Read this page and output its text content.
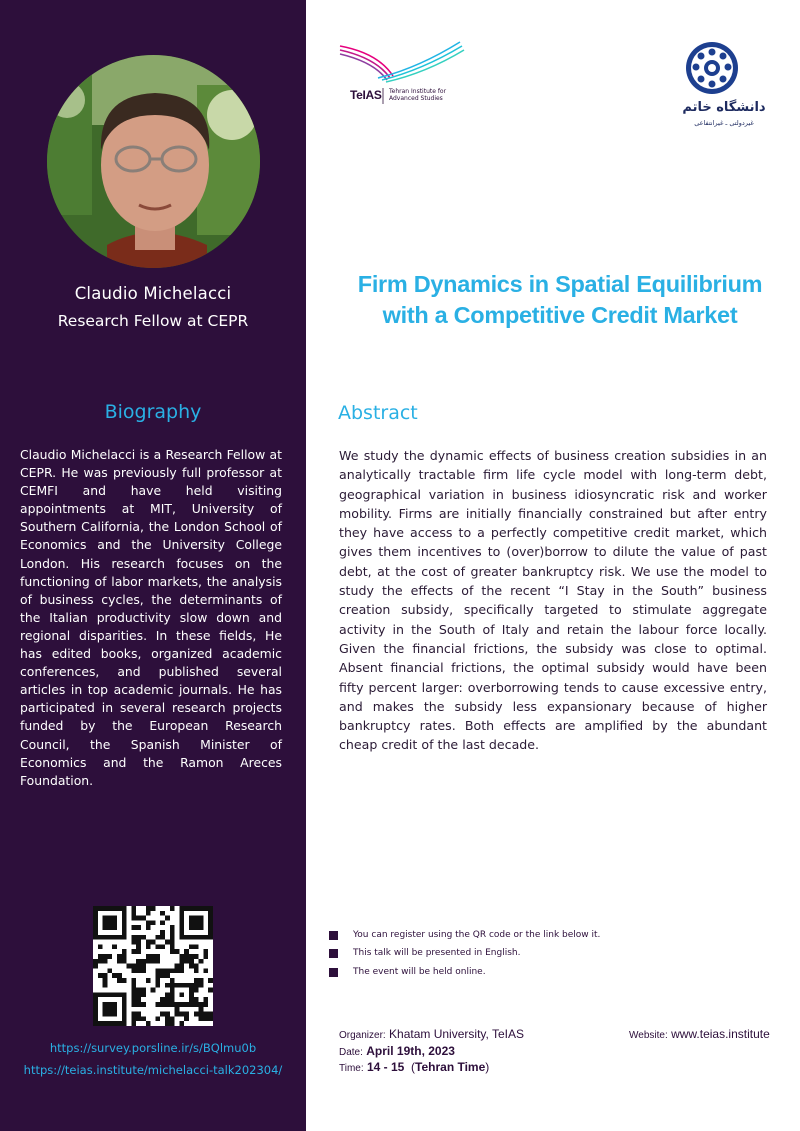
Claudio Michelacci
Research Fellow at CEPR
Biography
Claudio Michelacci is a Research Fellow at CEPR. He was previously full professor at CEMFI and have held visiting appointments at MIT, University of Southern California, the London School of Economics and the University College London. His research focuses on the functioning of labor markets, the analysis of business cycles, the determinants of the Italian productivity slow down and regional disparities. In these fields, He has edited books, organized academic conferences, and published several articles in top academic journals. He has participated in several research projects funded by the European Research Council, the Spanish Minister of Economics and the Ramon Areces Foundation.
https://survey.porsline.ir/s/BQlmu0b
https://teias.institute/michelacci-talk202304/
TeIAS Tehran Institute for
Advanced Studies
دانشگاه خاتم
غیردولتی ـ غیرانتفاعی
Firm Dynamics in Spatial Equilibrium
with a Competitive Credit Market
Abstract
We study the dynamic effects of business creation subsidies in an analytically tractable firm life cycle model with long-term debt, geographical variation in business idiosyncratic risk and worker mobility. Firms are initially financially constrained but after entry they have access to a perfectly competitive credit market, which gives them incentives to (over)borrow to dilute the value of past debt, at the cost of greater bankruptcy risk. We use the model to study the effects of the recent “I Stay in the South” business creation subsidy, specifically targeted to stimulate aggregate activity in the South of Italy and retain the labour force locally. Given the financial frictions, the subsidy was close to optimal. Absent financial frictions, the optimal subsidy would have been fifty percent larger: overborrowing tends to cause excessive entry, and makes the subsidy less expansionary because of higher bankruptcy rates. Both effects are amplified by the abundant cheap credit of the last decade.
You can register using the QR code or the link below it.
This talk will be presented in English.
The event will be held online.
Organizer: Khatam University, TeIAS
Date: April 19th, 2023
Time: 14 - 15  (Tehran Time)
Website: www.teias.institute
